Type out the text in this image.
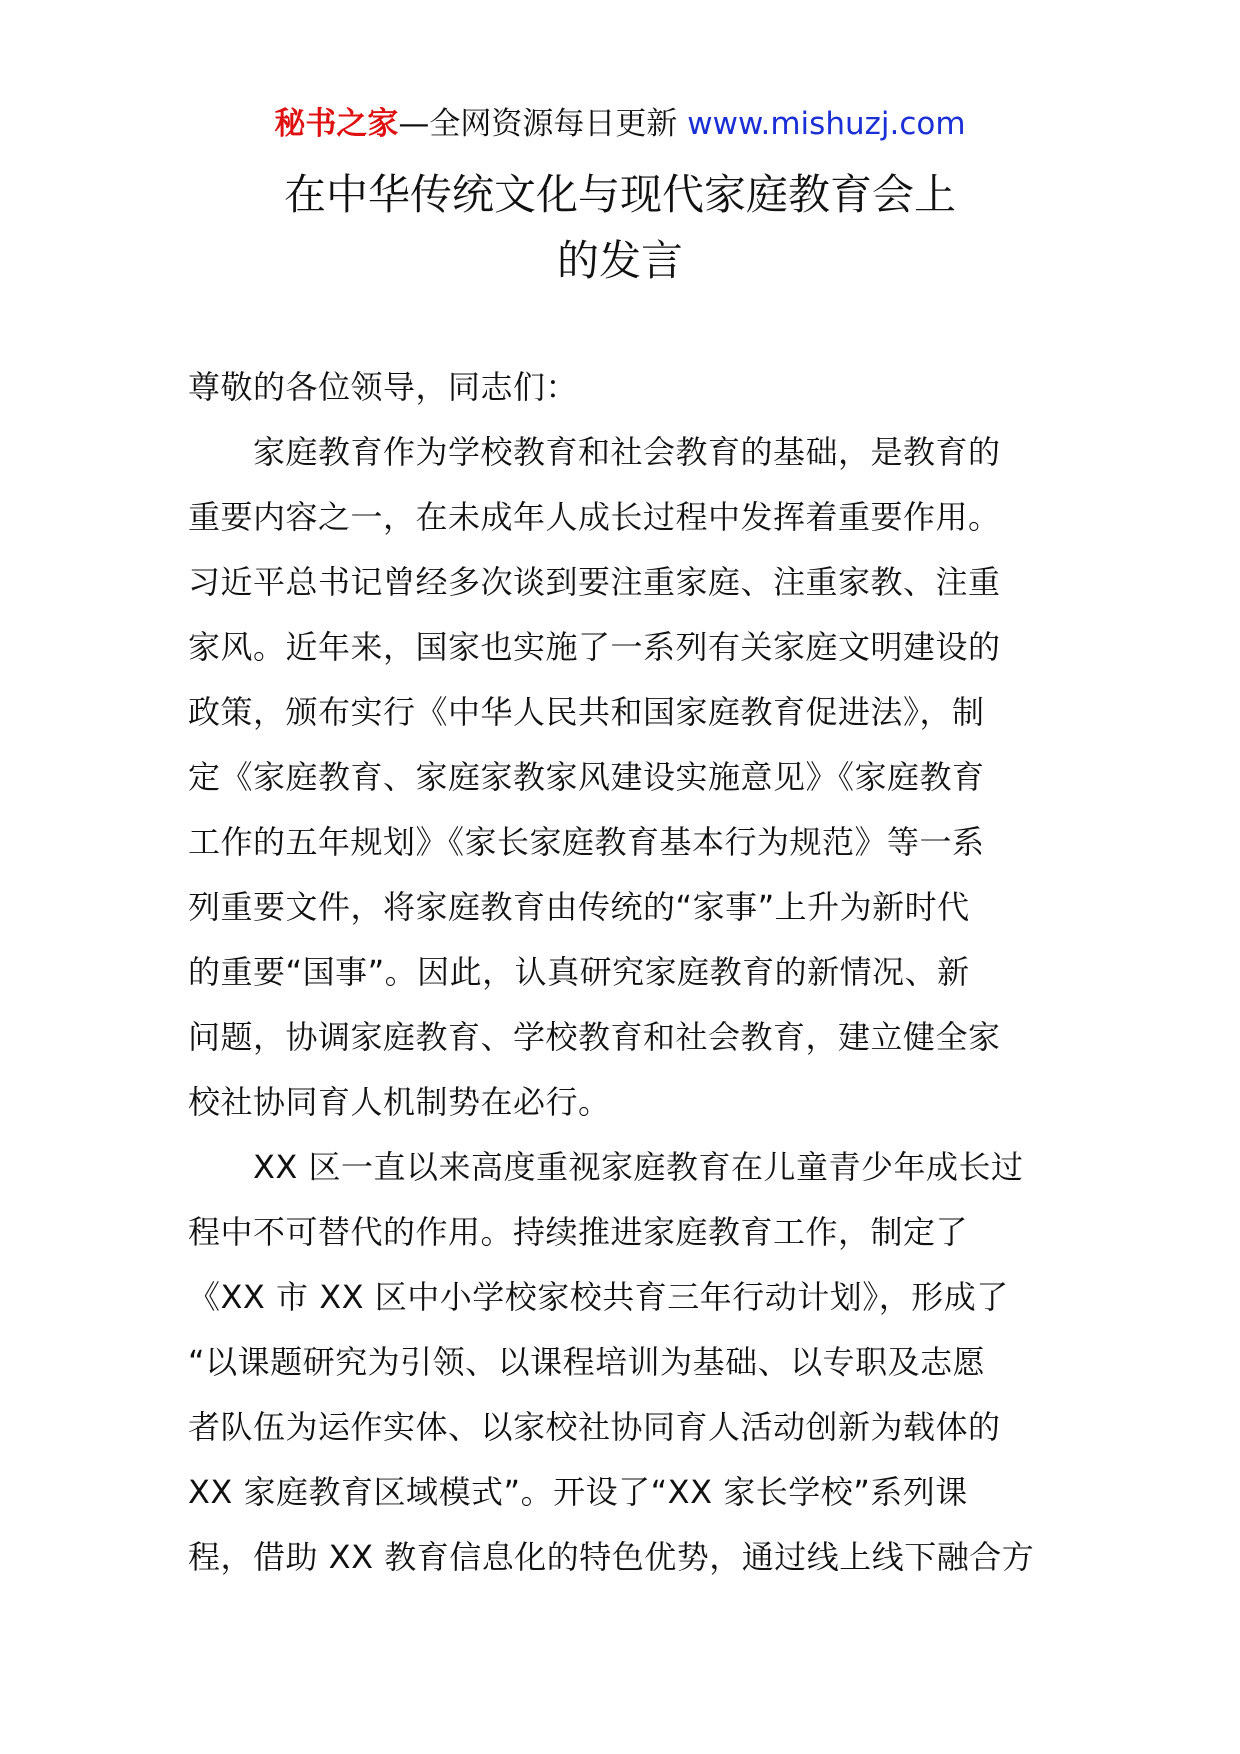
秘书之家—全网资源每日更新 www.mishuzj.com
在中华传统文化与现代家庭教育会上
的发言
尊敬的各位领导，同志们：
　　家庭教育作为学校教育和社会教育的基础，是教育的
重要内容之一，在未成年人成长过程中发挥着重要作用。
习近平总书记曾经多次谈到要注重家庭、注重家教、注重
家风。近年来，国家也实施了一系列有关家庭文明建设的
政策，颁布实行《中华人民共和国家庭教育促进法》，制
定《家庭教育、家庭家教家风建设实施意见》《家庭教育
工作的五年规划》《家长家庭教育基本行为规范》等一系
列重要文件，将家庭教育由传统的“家事”上升为新时代
的重要“国事”。因此，认真研究家庭教育的新情况、新
问题，协调家庭教育、学校教育和社会教育，建立健全家
校社协同育人机制势在必行。
　　XX 区一直以来高度重视家庭教育在儿童青少年成长过
程中不可替代的作用。持续推进家庭教育工作，制定了
《XX 市 XX 区中小学校家校共育三年行动计划》，形成了
“以课题研究为引领、以课程培训为基础、以专职及志愿
者队伍为运作实体、以家校社协同育人活动创新为载体的
XX 家庭教育区域模式”。开设了“XX 家长学校”系列课
程，借助 XX 教育信息化的特色优势，通过线上线下融合方
